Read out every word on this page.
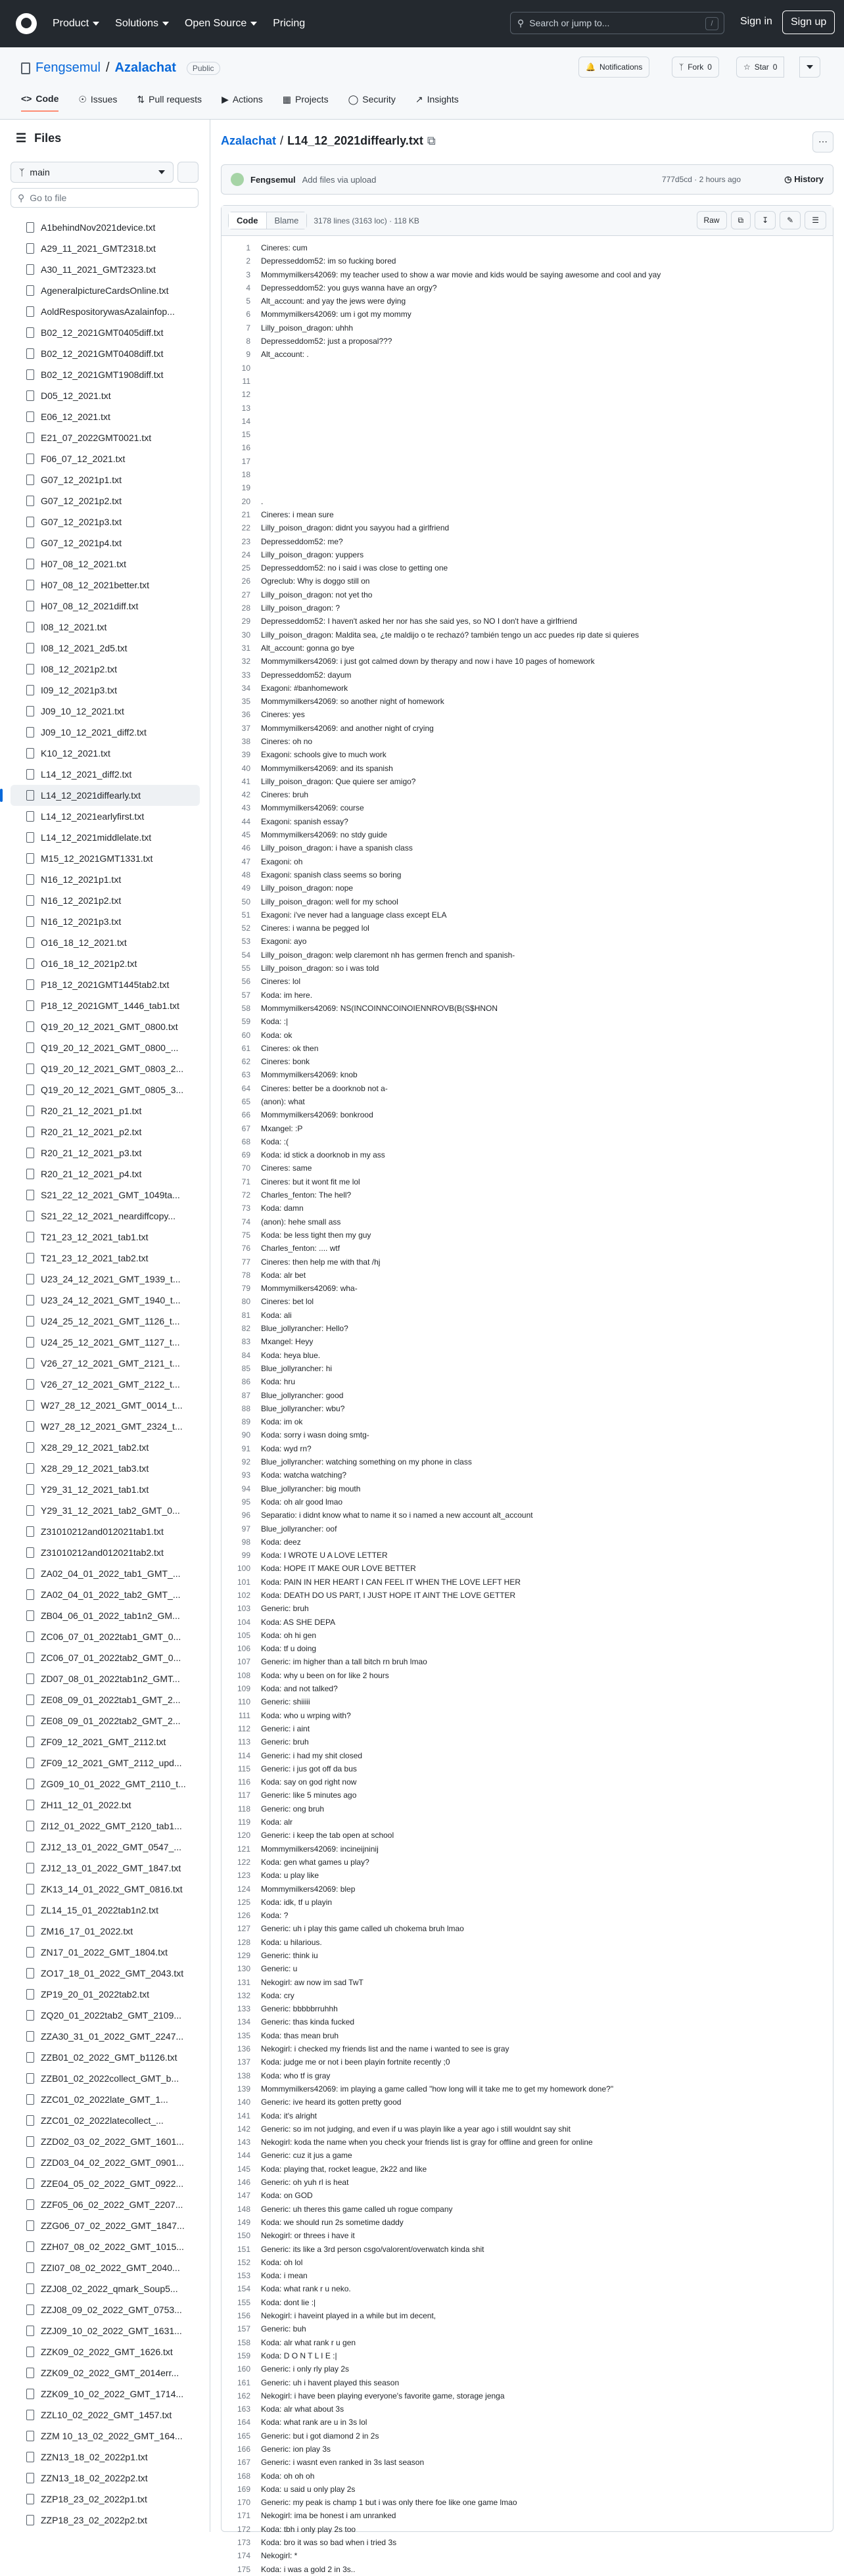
Product	Solutions	Open Source	Pricing	⚲ Search or jump to...	/	Sign in	Sign up
Fengsemul / Azalachat	Public	🔔 Notifications	ᛉ Fork 0	☆ Star 0
<> Code ☉ Issues ⇅ Pull requests ▶ Actions ▦ Projects ◯ Security ↗ Insights
☰ Files
ᛉ main
⚲ Go to file
A1behindNov2021device.txt
A29_11_2021_GMT2318.txt
A30_11_2021_GMT2323.txt
AgeneralpictureCardsOnline.txt
AoldRespositorywasAzalainfop...
B02_12_2021GMT0405diff.txt
B02_12_2021GMT0408diff.txt
B02_12_2021GMT1908diff.txt
D05_12_2021.txt
E06_12_2021.txt
E21_07_2022GMT0021.txt
F06_07_12_2021.txt
G07_12_2021p1.txt
G07_12_2021p2.txt
G07_12_2021p3.txt
G07_12_2021p4.txt
H07_08_12_2021.txt
H07_08_12_2021better.txt
H07_08_12_2021diff.txt
I08_12_2021.txt
I08_12_2021_2d5.txt
I08_12_2021p2.txt
I09_12_2021p3.txt
J09_10_12_2021.txt
J09_10_12_2021_diff2.txt
K10_12_2021.txt
L14_12_2021_diff2.txt
L14_12_2021diffearly.txt
L14_12_2021earlyfirst.txt
L14_12_2021middlelate.txt
M15_12_2021GMT1331.txt
N16_12_2021p1.txt
N16_12_2021p2.txt
N16_12_2021p3.txt
O16_18_12_2021.txt
O16_18_12_2021p2.txt
P18_12_2021GMT1445tab2.txt
P18_12_2021GMT_1446_tab1.txt
Q19_20_12_2021_GMT_0800.txt
Q19_20_12_2021_GMT_0800_...
Q19_20_12_2021_GMT_0803_2...
Q19_20_12_2021_GMT_0805_3...
R20_21_12_2021_p1.txt
R20_21_12_2021_p2.txt
R20_21_12_2021_p3.txt
R20_21_12_2021_p4.txt
S21_22_12_2021_GMT_1049ta...
S21_22_12_2021_neardiffcopy...
T21_23_12_2021_tab1.txt
T21_23_12_2021_tab2.txt
U23_24_12_2021_GMT_1939_t...
U23_24_12_2021_GMT_1940_t...
U24_25_12_2021_GMT_1126_t...
U24_25_12_2021_GMT_1127_t...
V26_27_12_2021_GMT_2121_t...
V26_27_12_2021_GMT_2122_t...
W27_28_12_2021_GMT_0014_t...
W27_28_12_2021_GMT_2324_t...
X28_29_12_2021_tab2.txt
X28_29_12_2021_tab3.txt
Y29_31_12_2021_tab1.txt
Y29_31_12_2021_tab2_GMT_0...
Z31010212and012021tab1.txt
Z31010212and012021tab2.txt
ZA02_04_01_2022_tab1_GMT_...
ZA02_04_01_2022_tab2_GMT_...
ZB04_06_01_2022_tab1n2_GM...
ZC06_07_01_2022tab1_GMT_0...
ZC06_07_01_2022tab2_GMT_0...
ZD07_08_01_2022tab1n2_GMT...
ZE08_09_01_2022tab1_GMT_2...
ZE08_09_01_2022tab2_GMT_2...
ZF09_12_2021_GMT_2112.txt
ZF09_12_2021_GMT_2112_upd...
ZG09_10_01_2022_GMT_2110_t...
ZH11_12_01_2022.txt
ZI12_01_2022_GMT_2120_tab1...
ZJ12_13_01_2022_GMT_0547_...
ZJ12_13_01_2022_GMT_1847.txt
ZK13_14_01_2022_GMT_0816.txt
ZL14_15_01_2022tab1n2.txt
ZM16_17_01_2022.txt
ZN17_01_2022_GMT_1804.txt
ZO17_18_01_2022_GMT_2043.txt
ZP19_20_01_2022tab2.txt
ZQ20_01_2022tab2_GMT_2109...
ZZA30_31_01_2022_GMT_2247...
ZZB01_02_2022_GMT_b1126.txt
ZZB01_02_2022collect_GMT_b...
ZZC01_02_2022late_GMT_1...
ZZC01_02_2022latecollect_...
ZZD02_03_02_2022_GMT_1601...
ZZD03_04_02_2022_GMT_0901...
ZZE04_05_02_2022_GMT_0922...
ZZF05_06_02_2022_GMT_2207...
ZZG06_07_02_2022_GMT_1847...
ZZH07_08_02_2022_GMT_1015...
ZZI07_08_02_2022_GMT_2040...
ZZJ08_02_2022_qmark_Soup5...
ZZJ08_09_02_2022_GMT_0753...
ZZJ09_10_02_2022_GMT_1631...
ZZK09_02_2022_GMT_1626.txt
ZZK09_02_2022_GMT_2014err...
ZZK09_10_02_2022_GMT_1714...
ZZL10_02_2022_GMT_1457.txt
ZZM 10_13_02_2022_GMT_164...
ZZN13_18_02_2022p1.txt
ZZN13_18_02_2022p2.txt
ZZP18_23_02_2022p1.txt
ZZP18_23_02_2022p2.txt
Azalachat / L14_12_2021diffearly.txt ⧉	⋯
Fengsemul Add files via upload	777d5cd · 2 hours ago	◷ History
Code	Blame	3178 lines (3163 loc) · 118 KB	Raw	⧉	↧	✎	☰
1	Cineres: cum
2	Depresseddom52: im so fucking bored
3	Mommymilkers42069: my teacher used to show a war movie and kids would be saying awesome and cool and yay
4	Depresseddom52: you guys wanna have an orgy?
5	Alt_account: and yay the jews were dying
6	Mommymilkers42069: um i got my mommy
7	Lilly_poison_dragon: uhhh
8	Depresseddom52: just a proposal???
9	Alt_account: .
10
11
12
13
14
15
16
17
18
19
20	.
21	Cineres: i mean sure
22	Lilly_poison_dragon: didnt you sayyou had a girlfriend
23	Depresseddom52: me?
24	Lilly_poison_dragon: yuppers
25	Depresseddom52: no i said i was close to getting one
26	Ogreclub: Why is doggo still on
27	Lilly_poison_dragon: not yet tho
28	Lilly_poison_dragon: ?
29	Depresseddom52: I haven't asked her nor has she said yes, so NO I don't have a girlfriend
30	Lilly_poison_dragon: Maldita sea, ¿te maldijo o te rechazó? también tengo un acc puedes rip date si quieres
31	Alt_account: gonna go bye
32	Mommymilkers42069: i just got calmed down by therapy and now i have 10 pages of homework
33	Depresseddom52: dayum
34	Exagoni: #banhomework
35	Mommymilkers42069: so another night of homework
36	Cineres: yes
37	Mommymilkers42069: and another night of crying
38	Cineres: oh no
39	Exagoni: schools give to much work
40	Mommymilkers42069: and its spanish
41	Lilly_poison_dragon: Que quiere ser amigo?
42	Cineres: bruh
43	Mommymilkers42069: course
44	Exagoni: spanish essay?
45	Mommymilkers42069: no stdy guide
46	Lilly_poison_dragon: i have a spanish class
47	Exagoni: oh
48	Exagoni: spanish class seems so boring
49	Lilly_poison_dragon: nope
50	Lilly_poison_dragon: well for my school
51	Exagoni: i've never had a language class except ELA
52	Cineres: i wanna be pegged lol
53	Exagoni: ayo
54	Lilly_poison_dragon: welp claremont nh has germen french and spanish-
55	Lilly_poison_dragon: so i was told
56	Cineres: lol
57	Koda: im here.
58	Mommymilkers42069: NS(INCOINNCOINOIENNROVB(B(S$HNON
59	Koda: :|
60	Koda: ok
61	Cineres: ok then
62	Cineres: bonk
63	Mommymilkers42069: knob
64	Cineres: better be a doorknob not a-
65	(anon): what
66	Mommymilkers42069: bonkrood
67	Mxangel: :P
68	Koda: :(
69	Koda: id stick a doorknob in my ass
70	Cineres: same
71	Cineres: but it wont fit me lol
72	Charles_fenton: The hell?
73	Koda: damn
74	(anon): hehe small ass
75	Koda: be less tight then my guy
76	Charles_fenton: .... wtf
77	Cineres: then help me with that /hj
78	Koda: alr bet
79	Mommymilkers42069: wha-
80	Cineres: bet lol
81	Koda: ali
82	Blue_jollyrancher: Hello?
83	Mxangel: Heyy
84	Koda: heya blue.
85	Blue_jollyrancher: hi
86	Koda: hru
87	Blue_jollyrancher: good
88	Blue_jollyrancher: wbu?
89	Koda: im ok
90	Koda: sorry i wasn doing smtg-
91	Koda: wyd rn?
92	Blue_jollyrancher: watching something on my phone in class
93	Koda: watcha watching?
94	Blue_jollyrancher: big mouth
95	Koda: oh alr good lmao
96	Separatio: i didnt know what to name it so i named a new account alt_account
97	Blue_jollyrancher: oof
98	Koda: deez
99	Koda: I WROTE U A LOVE LETTER
100	Koda: HOPE IT MAKE OUR LOVE BETTER
101	Koda: PAIN IN HER HEART I CAN FEEL IT WHEN THE LOVE LEFT HER
102	Koda: DEATH DO US PART, I JUST HOPE IT AINT THE LOVE GETTER
103	Generic: bruh
104	Koda: AS SHE DEPA
105	Koda: oh hi gen
106	Koda: tf u doing
107	Generic: im higher than a tall bitch rn bruh lmao
108	Koda: why u been on for like 2 hours
109	Koda: and not talked?
110	Generic: shiiiii
111	Koda: who u wrping with?
112	Generic: i aint
113	Generic: bruh
114	Generic: i had my shit closed
115	Generic: i jus got off da bus
116	Koda: say on god right now
117	Generic: like 5 minutes ago
118	Generic: ong bruh
119	Koda: alr
120	Generic: i keep the tab open at school
121	Mommymilkers42069: incineijninij
122	Koda: gen what games u play?
123	Koda: u play like
124	Mommymilkers42069: blep
125	Koda: idk, tf u playin
126	Koda: ?
127	Generic: uh i play this game called uh chokema bruh lmao
128	Koda: u hilarious.
129	Generic: think iu
130	Generic: u
131	Nekogirl: aw now im sad TwT
132	Koda: cry
133	Generic: bbbbbrruhhh
134	Generic: thas kinda fucked
135	Koda: thas mean bruh
136	Nekogirl: i checked my friends list and the name i wanted to see is gray
137	Koda: judge me or not i been playin fortnite recently ;0
138	Koda: who tf is gray
139	Mommymilkers42069: im playing a game called "how long will it take me to get my homework done?"
140	Generic: ive heard its gotten pretty good
141	Koda: it's alright
142	Generic: so im not judging, and even if u was playin like a year ago i still wouldnt say shit
143	Nekogirl: koda the name when you check your friends list is gray for offline and green for online
144	Generic: cuz it jus a game
145	Koda: playing that, rocket league, 2k22 and like
146	Generic: oh yuh rl is heat
147	Koda: on GOD
148	Generic: uh theres this game called uh rogue company
149	Koda: we should run 2s sometime daddy
150	Nekogirl: or threes i have it
151	Generic: its like a 3rd person csgo/valorent/overwatch kinda shit
152	Koda: oh lol
153	Koda: i mean
154	Koda: what rank r u neko.
155	Koda: dont lie :|
156	Nekogirl: i haveint played in a while but im decent,
157	Generic: buh
158	Koda: alr what rank r u gen
159	Koda: D O N T L I E :|
160	Generic: i only rly play 2s
161	Generic: uh i havent played this season
162	Nekogirl: i have been playing everyone's favorite game, storage jenga
163	Koda: alr what about 3s
164	Koda: what rank are u in 3s lol
165	Generic: but i got diamond 2 in 2s
166	Generic: ion play 3s
167	Generic: i wasnt even ranked in 3s last season
168	Koda: oh oh oh
169	Koda: u said u only play 2s
170	Generic: my peak is champ 1 but i was only there foe like one game lmao
171	Nekogirl: ima be honest i am unranked
172	Koda: tbh i only play 2s too
173	Koda: bro it was so bad when i tried 3s
174	Nekogirl: *
175	Koda: i was a gold 2 in 3s..
